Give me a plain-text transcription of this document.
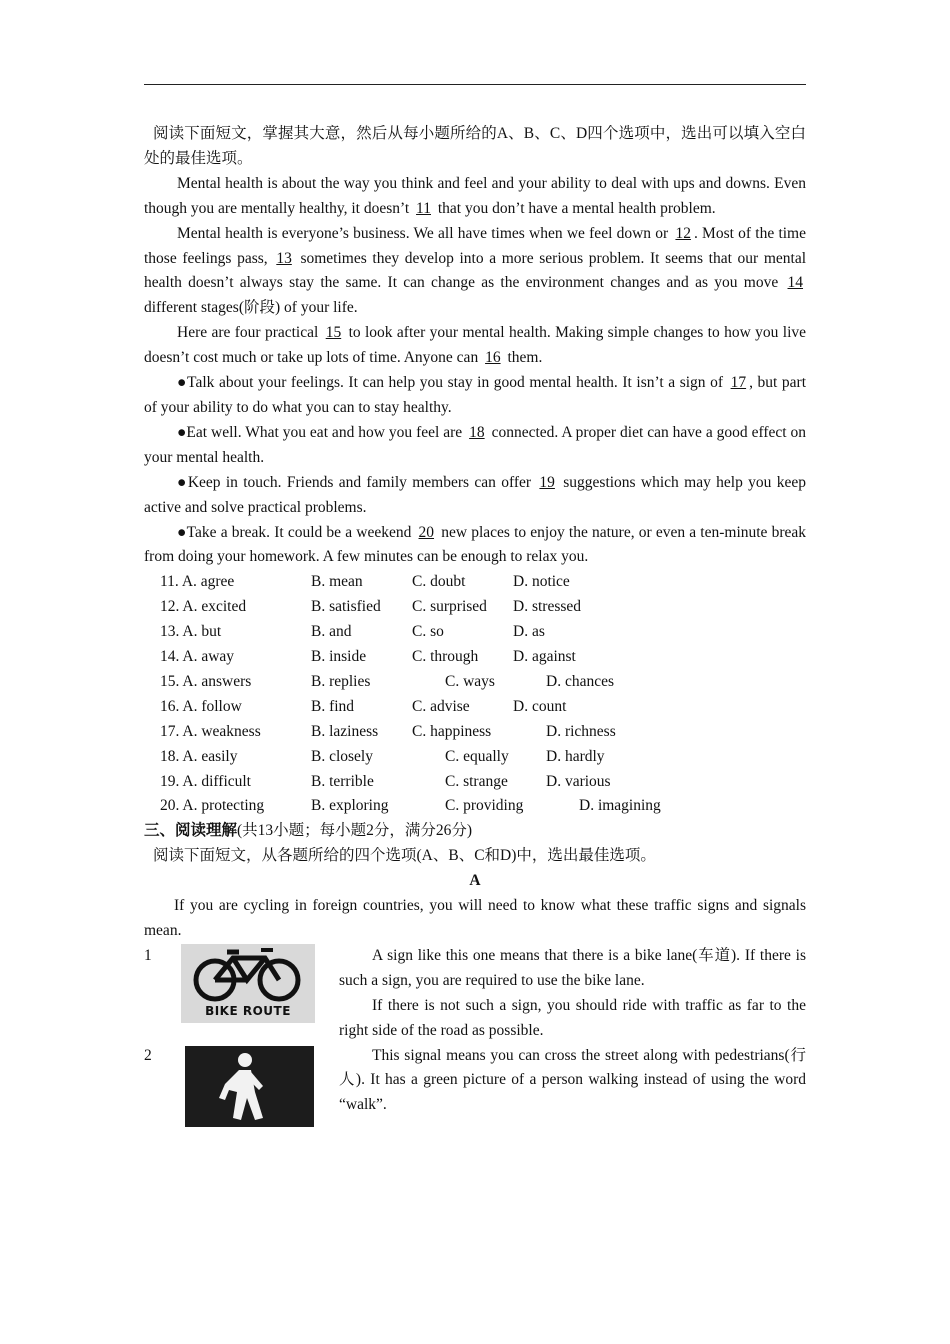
阅读下面短文，掌握其大意，然后从每小题所给的A、B、C、D四个选项中，选出可以填入空白处的最佳选项。

Mental health is about the way you think and feel and your ability to deal with ups and downs. Even though you are mentally healthy, it doesn’t 11 that you don’t have a mental health problem.

Mental health is everyone’s business. We all have times when we feel down or 12 . Most of the time those feelings pass, 13 sometimes they develop into a more serious problem. It seems that our mental health doesn’t always stay the same. It can change as the environment changes and as you move 14 different stages(阶段) of your life.

Here are four practical 15 to look after your mental health. Making simple changes to how you live doesn’t cost much or take up lots of time. Anyone can 16 them.

●Talk about your feelings. It can help you stay in good mental health. It isn’t a sign of 17 , but part of your ability to do what you can to stay healthy.

●Eat well. What you eat and how you feel are 18 connected. A proper diet can have a good effect on your mental health.

●Keep in touch. Friends and family members can offer 19 suggestions which may help you keep active and solve practical problems.

●Take a break. It could be a weekend 20 new places to enjoy the nature, or even a ten-minute break from doing your homework. A few minutes can be enough to relax you.

11. A. agree	B. mean	C. doubt	D. notice
12. A. excited	B. satisfied	C. surprised	D. stressed
13. A. but	B. and	C. so	D. as
14. A. away	B. inside	C. through	D. against
15. A. answers	B. replies	C. ways	D. chances
16. A. follow	B. find	C. advise	D. count
17. A. weakness	B. laziness	C. happiness	D. richness
18. A. easily	B. closely	C. equally	D. hardly
19. A. difficult	B. terrible	C. strange	D. various
20. A. protecting	B. exploring	C. providing	D. imagining

三、阅读理解(共13小题；每小题2分，满分26分)

阅读下面短文，从各题所给的四个选项(A、B、C和D)中，选出最佳选项。

A

If you are cycling in foreign countries, you will need to know what these traffic signs and signals mean.

1
BIKE ROUTE

A sign like this one means that there is a bike lane(车道). If there is such a sign, you are required to use the bike lane.

If there is not such a sign, you should ride with traffic as far to the right side of the road as possible.

2	This signal means you can cross the street along with pedestrians(行人). It has a green picture of a person walking instead of using the word “walk”.
